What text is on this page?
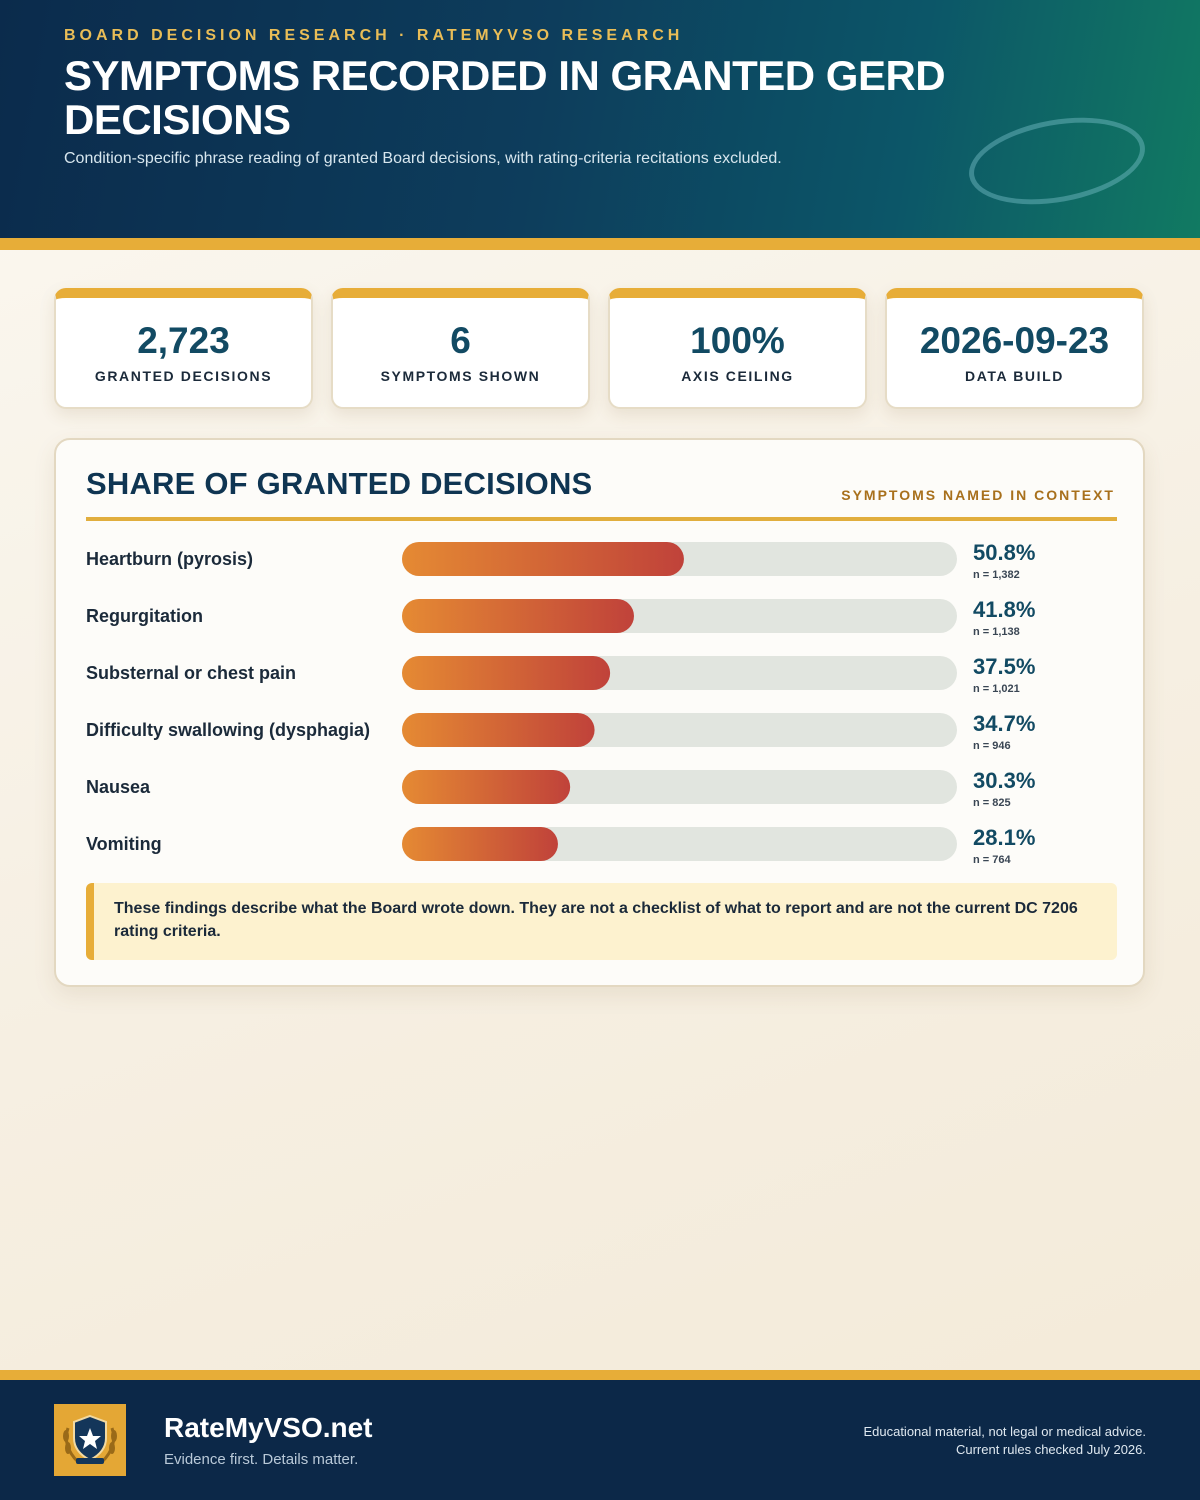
BOARD DECISION RESEARCH · RATEMYVSO RESEARCH
SYMPTOMS RECORDED IN GRANTED GERD DECISIONS
Condition-specific phrase reading of granted Board decisions, with rating-criteria recitations excluded.
2,723
GRANTED DECISIONS
6
SYMPTOMS SHOWN
100%
AXIS CEILING
2026-09-23
DATA BUILD
SHARE OF GRANTED DECISIONS	SYMPTOMS NAMED IN CONTEXT
Heartburn (pyrosis)	50.8%
n = 1,382
Regurgitation	41.8%
n = 1,138
Substernal or chest pain	37.5%
n = 1,021
Difficulty swallowing (dysphagia)	34.7%
n = 946
Nausea	30.3%
n = 825
Vomiting	28.1%
n = 764
These findings describe what the Board wrote down. They are not a checklist of what to report and are not the current DC 7206 rating criteria.
RateMyVSO.net
Evidence first. Details matter.
Educational material, not legal or medical advice.
Current rules checked July 2026.
